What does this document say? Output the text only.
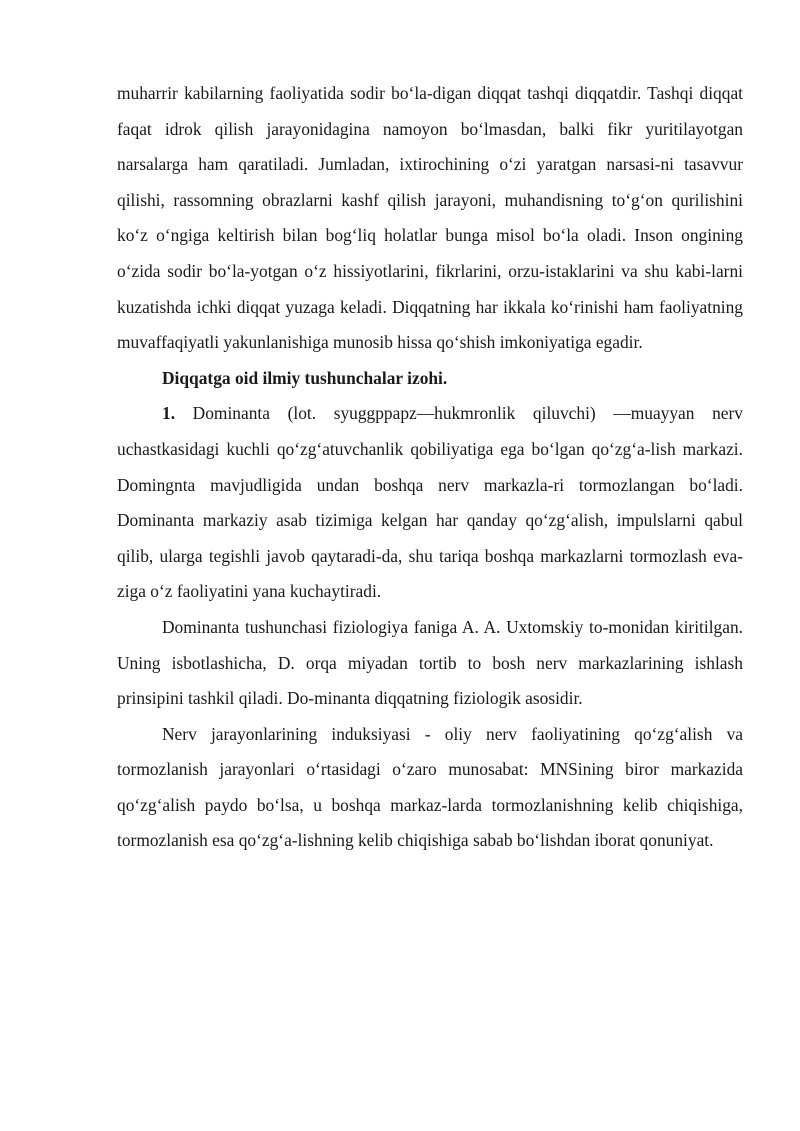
muharrir kabilarning faoliyatida sodir bo‘la-digan diqqat tashqi diqqatdir. Tashqi diqqat faqat idrok qilish jarayonidagina namoyon bo‘lmasdan, balki fikr yuritilayotgan narsalarga ham qaratiladi. Jumladan, ixtirochining o‘zi yaratgan narsasi-ni tasavvur qilishi, rassomning obrazlarni kashf qilish jarayoni, muhandisning to‘g‘on qurilishini ko‘z o‘ngiga keltirish bilan bog‘liq holatlar bunga misol bo‘la oladi. Inson ongining o‘zida sodir bo‘la-yotgan o‘z hissiyotlarini, fikrlarini, orzu-istaklarini va shu kabi-larni kuzatishda ichki diqqat yuzaga keladi. Diqqatning har ikkala ko‘rinishi ham faoliyatning muvaffaqiyatli yakunlanishiga munosib hissa qo‘shish imkoniyatiga egadir.

Diqqatga oid ilmiy tushunchalar izohi.

1. Dominanta (lot. syuggppapz—hukmronlik qiluvchi) —muayyan nerv uchastkasidagi kuchli qo‘zg‘atuvchanlik qobiliyatiga ega bo‘lgan qo‘zg‘a-lish markazi. Domingnta mavjudligida undan boshqa nerv markazla-ri tormozlangan bo‘ladi. Dominanta markaziy asab tizimiga kelgan har qanday qo‘zg‘alish, impulslarni qabul qilib, ularga tegishli javob qaytaradi-da, shu tariqa boshqa markazlarni tormozlash eva-ziga o‘z faoliyatini yana kuchaytiradi.

Dominanta tushunchasi fiziologiya faniga A. A. Uxtomskiy to-monidan kiritilgan. Uning isbotlashicha, D. orqa miyadan tortib to bosh nerv markazlarining ishlash prinsipini tashkil qiladi. Do-minanta diqqatning fiziologik asosidir.

Nerv jarayonlarining induksiyasi - oliy nerv faoliyatining qo‘zg‘alish va tormozlanish jarayonlari o‘rtasidagi o‘zaro munosabat: MNSining biror markazida qo‘zg‘alish paydo bo‘lsa, u boshqa markaz-larda tormozlanishning kelib chiqishiga, tormozlanish esa qo‘zg‘a-lishning kelib chiqishiga sabab bo‘lishdan iborat qonuniyat.
